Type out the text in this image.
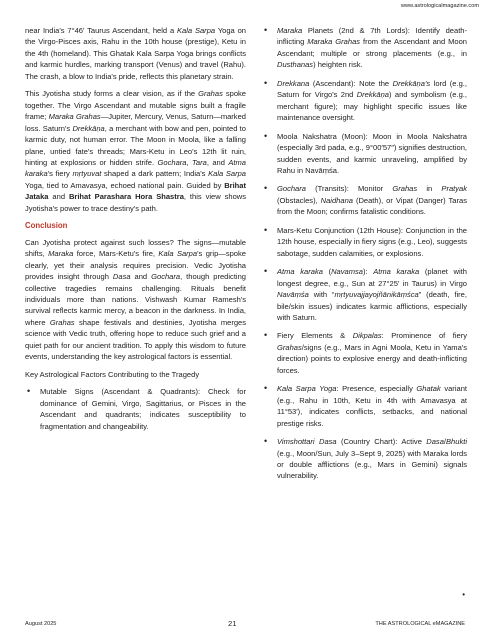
www.astrologicalmagazine.com

near India's 7°46′ Taurus Ascendant, held a Kala Sarpa Yoga on the Virgo-Pisces axis, Rahu in the 10th house (prestige), Ketu in the 4th (homeland). This Ghatak Kala Sarpa Yoga brings conflicts and karmic hurdles, marking transport (Venus) and travel (Rahu). The crash, a blow to India's pride, reflects this planetary strain.

This Jyotisha study forms a clear vision, as if the Grahas spoke together. The Virgo Ascendant and mutable signs built a fragile frame; Maraka Grahas—Jupiter, Mercury, Venus, Saturn—marked loss. Saturn's Drekkāṇa, a merchant with bow and pen, pointed to karmic duty, not human error. The Moon in Moola, like a falling plane, untied fate's threads; Mars-Ketu in Leo's 12th lit ruin, hinting at explosions or hidden strife. Gochara, Tara, and Atma karaka's fiery mṛtyuvat shaped a dark pattern; India's Kala Sarpa Yoga, tied to Amavasya, echoed national pain. Guided by Brihat Jataka and Brihat Parashara Hora Shastra, this view shows Jyotisha's power to trace destiny's path.

Conclusion

Can Jyotisha protect against such losses? The signs—mutable shifts, Maraka force, Mars-Ketu's fire, Kala Sarpa's grip—spoke clearly, yet their analysis requires precision. Vedic Jyotisha provides insight through Dasa and Gochara, though predicting collective tragedies remains challenging. Rituals benefit individuals more than nations. Vishwash Kumar Ramesh's survival reflects karmic mercy, a beacon in the darkness. In India, where Grahas shape festivals and destinies, Jyotisha merges science with Vedic truth, offering hope to reduce such grief and a quiet path for our ancient tradition. To apply this wisdom to future events, understanding the key astrological factors is essential.

Key Astrological Factors Contributing to the Tragedy

• Mutable Signs (Ascendant & Quadrants): Check for dominance of Gemini, Virgo, Sagittarius, or Pisces in the Ascendant and quadrants; indicates susceptibility to fragmentation and changeability.
• Maraka Planets (2nd & 7th Lords): Identify death-inflicting Maraka Grahas from the Ascendant and Moon Ascendant; multiple or strong placements (e.g., in Dusthanas) heighten risk.
• Drekkana (Ascendant): Note the Drekkāṇa's lord (e.g., Saturn for Virgo's 2nd Drekkāṇa) and symbolism (e.g., merchant figure); may highlight specific issues like maintenance oversight.
• Moola Nakshatra (Moon): Moon in Moola Nakshatra (especially 3rd pada, e.g., 9°00′57″) signifies destruction, sudden events, and karmic unraveling, amplified by Rahu in Navāṃśa.
• Gochara (Transits): Monitor Grahas in Pratyak (Obstacles), Naidhana (Death), or Vipat (Danger) Taras from the Moon; confirms fatalistic conditions.
• Mars-Ketu Conjunction (12th House): Conjunction in the 12th house, especially in fiery signs (e.g., Leo), suggests sabotage, sudden calamities, or explosions.
• Atma karaka (Navamsa): Atma karaka (planet with longest degree, e.g., Sun at 27°25′ in Taurus) in Virgo Navāṃśa with “mṛtyuvajjayojñānikāṃśca” (death, fire, bile/skin issues) indicates karmic afflictions, especially with Saturn.
• Fiery Elements & Dikpalas: Prominence of fiery Grahas/signs (e.g., Mars in Agni Moola, Ketu in Yama's direction) points to explosive energy and death-inflicting forces.
• Kala Sarpa Yoga: Presence, especially Ghatak variant (e.g., Rahu in 10th, Ketu in 4th with Amavasya at 11°53′), indicates conflicts, setbacks, and national prestige risks.
• Vimshottari Dasa (Country Chart): Active Dasa/Bhukti (e.g., Moon/Sun, July 3–Sept 9, 2025) with Maraka lords or double afflictions (e.g., Mars in Gemini) signals vulnerability.
•
August 2025	21	THE ASTROLOGICAL eMAGAZINE
